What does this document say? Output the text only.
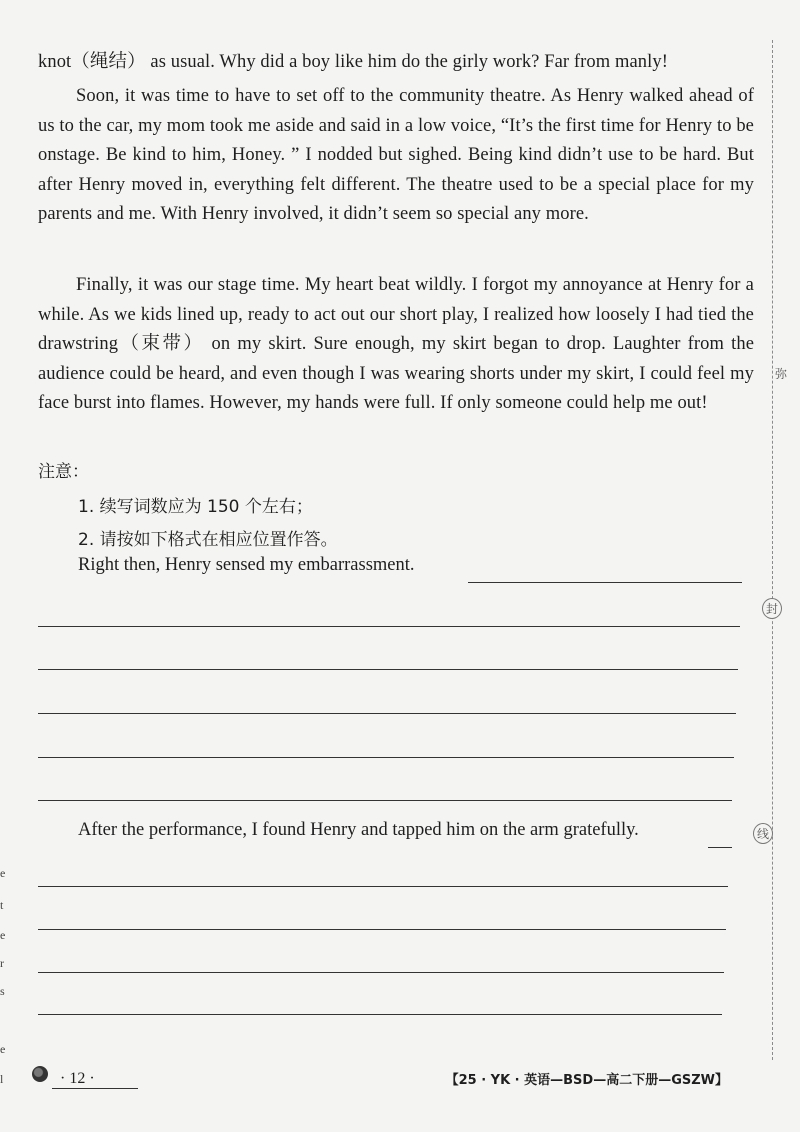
knot（绳结） as usual. Why did a boy like him do the girly work? Far from manly!
Soon, it was time to have to set off to the community theatre. As Henry walked ahead of us to the car, my mom took me aside and said in a low voice, “It’s the first time for Henry to be onstage. Be kind to him, Honey. ” I nodded but sighed. Being kind didn’t use to be hard. But after Henry moved in, everything felt different. The theatre used to be a special place for my parents and me. With Henry involved, it didn’t seem so special any more.
Finally, it was our stage time. My heart beat wildly. I forgot my annoyance at Henry for a while. As we kids lined up, ready to act out our short play, I realized how loosely I had tied the drawstring（束带） on my skirt. Sure enough, my skirt began to drop. Laughter from the audience could be heard, and even though I was wearing shorts under my skirt, I could feel my face burst into flames. However, my hands were full. If only someone could help me out!
注意：
1. 续写词数应为 150 个左右；
2. 请按如下格式在相应位置作答。
Right then, Henry sensed my embarrassment.
After the performance, I found Henry and tapped him on the arm gratefully.
弥
封
线
e
t
e
r
s
e
l	· 12 ·	【25 · YK · 英语—BSD—高二下册—GSZW】
